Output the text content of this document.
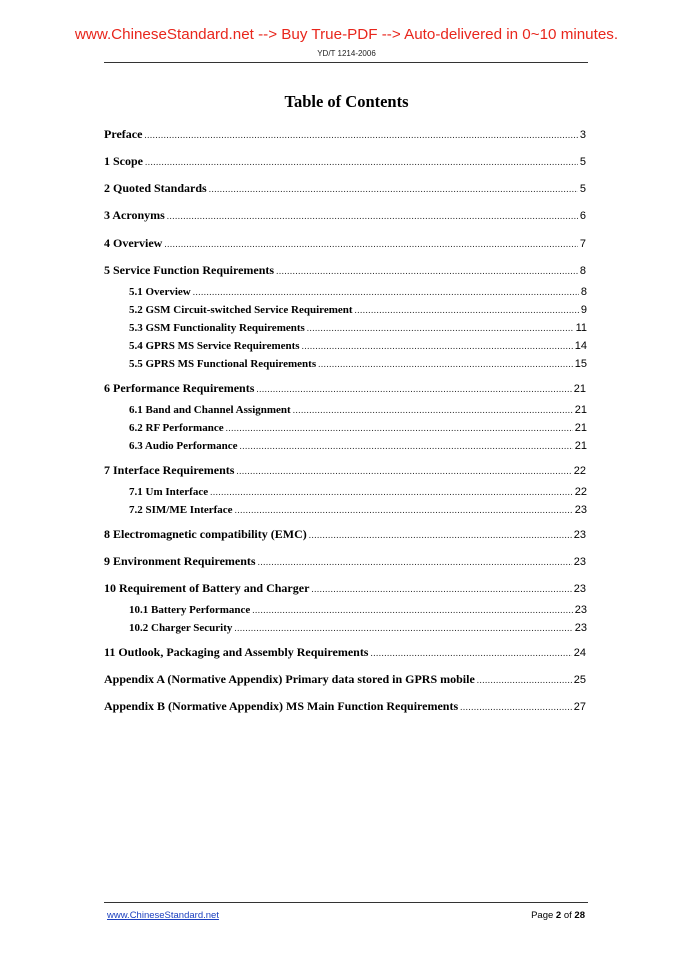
www.ChineseStandard.net --> Buy True-PDF --> Auto-delivered in 0~10 minutes.
YD/T 1214-2006
Table of Contents
Preface .....	3
1 Scope .....	5
2 Quoted Standards .....	5
3 Acronyms .....	6
4 Overview .....	7
5 Service Function Requirements .....	8
5.1 Overview .....	8
5.2 GSM Circuit-switched Service Requirement .....	9
5.3 GSM Functionality Requirements .....	11
5.4 GPRS MS Service Requirements .....	14
5.5 GPRS MS Functional Requirements .....	15
6 Performance Requirements .....	21
6.1 Band and Channel Assignment .....	21
6.2 RF Performance .....	21
6.3 Audio Performance .....	21
7 Interface Requirements .....	22
7.1 Um Interface .....	22
7.2 SIM/ME Interface .....	23
8 Electromagnetic compatibility (EMC) .....	23
9 Environment Requirements .....	23
10 Requirement of Battery and Charger .....	23
10.1 Battery Performance .....	23
10.2 Charger Security .....	23
11 Outlook, Packaging and Assembly Requirements .....	24
Appendix A (Normative Appendix) Primary data stored in GPRS mobile .....	25
Appendix B (Normative Appendix) MS Main Function Requirements .....	27
www.ChineseStandard.net	Page 2 of 28
